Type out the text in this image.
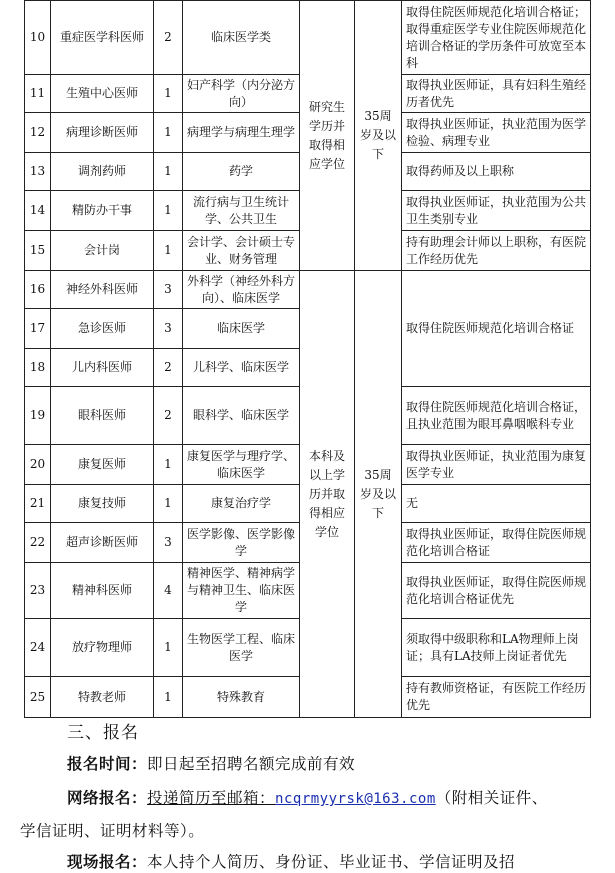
10	重症医学科医师	2	临床医学类	研究生学历并取得相应学位	35周岁及以下	取得住院医师规范化培训合格证；取得重症医学专业住院医师规范化培训合格证的学历条件可放宽至本科
11	生殖中心医师	1	妇产科学（内分泌方向）			取得执业医师证，具有妇科生殖经历者优先
12	病理诊断医师	1	病理学与病理生理学			取得执业医师证，执业范围为医学检验、病理专业
13	调剂药师	1	药学			取得药师及以上职称
14	精防办干事	1	流行病与卫生统计学、公共卫生			取得执业医师证，执业范围为公共卫生类别专业
15	会计岗	1	会计学、会计硕士专业、财务管理			持有助理会计师以上职称，有医院工作经历优先
16	神经外科医师	3	外科学（神经外科方向）、临床医学	本科及以上学历并取得相应学位	35周岁及以下	取得住院医师规范化培训合格证
17	急诊医师	3	临床医学			
18	儿内科医师	2	儿科学、临床医学			
19	眼科医师	2	眼科学、临床医学			取得住院医师规范化培训合格证，且执业范围为眼耳鼻咽喉科专业
20	康复医师	1	康复医学与理疗学、临床医学			取得执业医师证，执业范围为康复医学专业
21	康复技师	1	康复治疗学			无
22	超声诊断医师	3	医学影像、医学影像学			取得执业医师证，取得住院医师规范化培训合格证
23	精神科医师	4	精神医学、精神病学与精神卫生、临床医学			取得执业医师证，取得住院医师规范化培训合格证优先
24	放疗物理师	1	生物医学工程、临床医学			须取得中级职称和LA物理师上岗证；具有LA技师上岗证者优先
25	特教老师	1	特殊教育			持有教师资格证，有医院工作经历优先
三、报名
报名时间：即日起至招聘名额完成前有效
网络报名：投递简历至邮箱：ncqrmyyrsk@163.com（附相关证件、
学信证明、证明材料等）。
现场报名：本人持个人简历、身份证、毕业证书、学信证明及招
